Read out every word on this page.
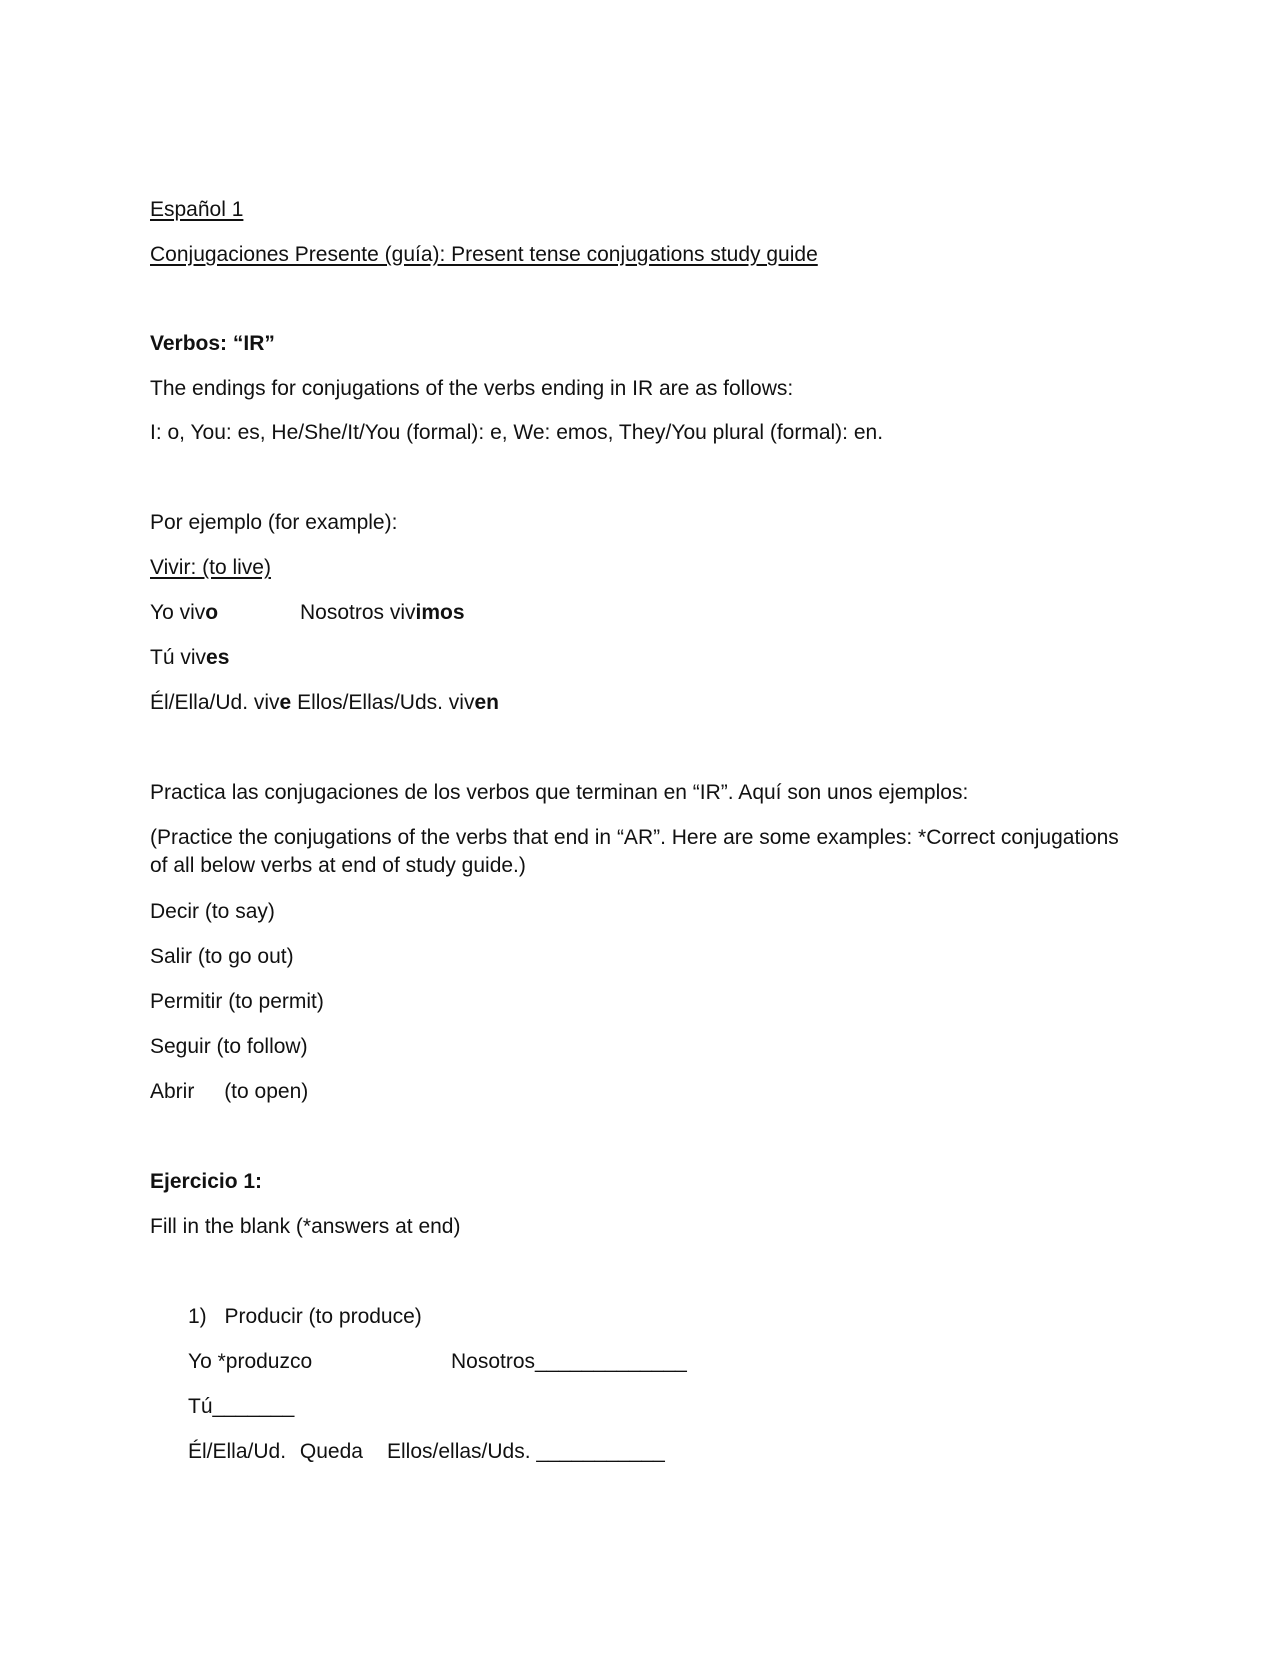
Español 1
Conjugaciones Presente (guía): Present tense conjugations study guide
Verbos: “IR”
The endings for conjugations of the verbs ending in IR are as follows:
I: o, You: es, He/She/It/You (formal): e, We: emos, They/You plural (formal): en.
Por ejemplo (for example):
Vivir: (to live)
Yo vivo	Nosotros vivimos
Tú vives
Él/Ella/Ud. vive Ellos/Ellas/Uds. viven
Practica las conjugaciones de los verbos que terminan en “IR”. Aquí son unos ejemplos:
(Practice the conjugations of the verbs that end in “AR”. Here are some examples: *Correct conjugations of all below verbs at end of study guide.)
Decir (to say)
Salir (to go out)
Permitir (to permit)
Seguir (to follow)
Abrir (to open)
Ejercicio 1:
Fill in the blank (*answers at end)
1) Producir (to produce)
Yo *produzco	Nosotros_____________
Tú_______
Él/Ella/Ud. Queda Ellos/ellas/Uds. ___________
